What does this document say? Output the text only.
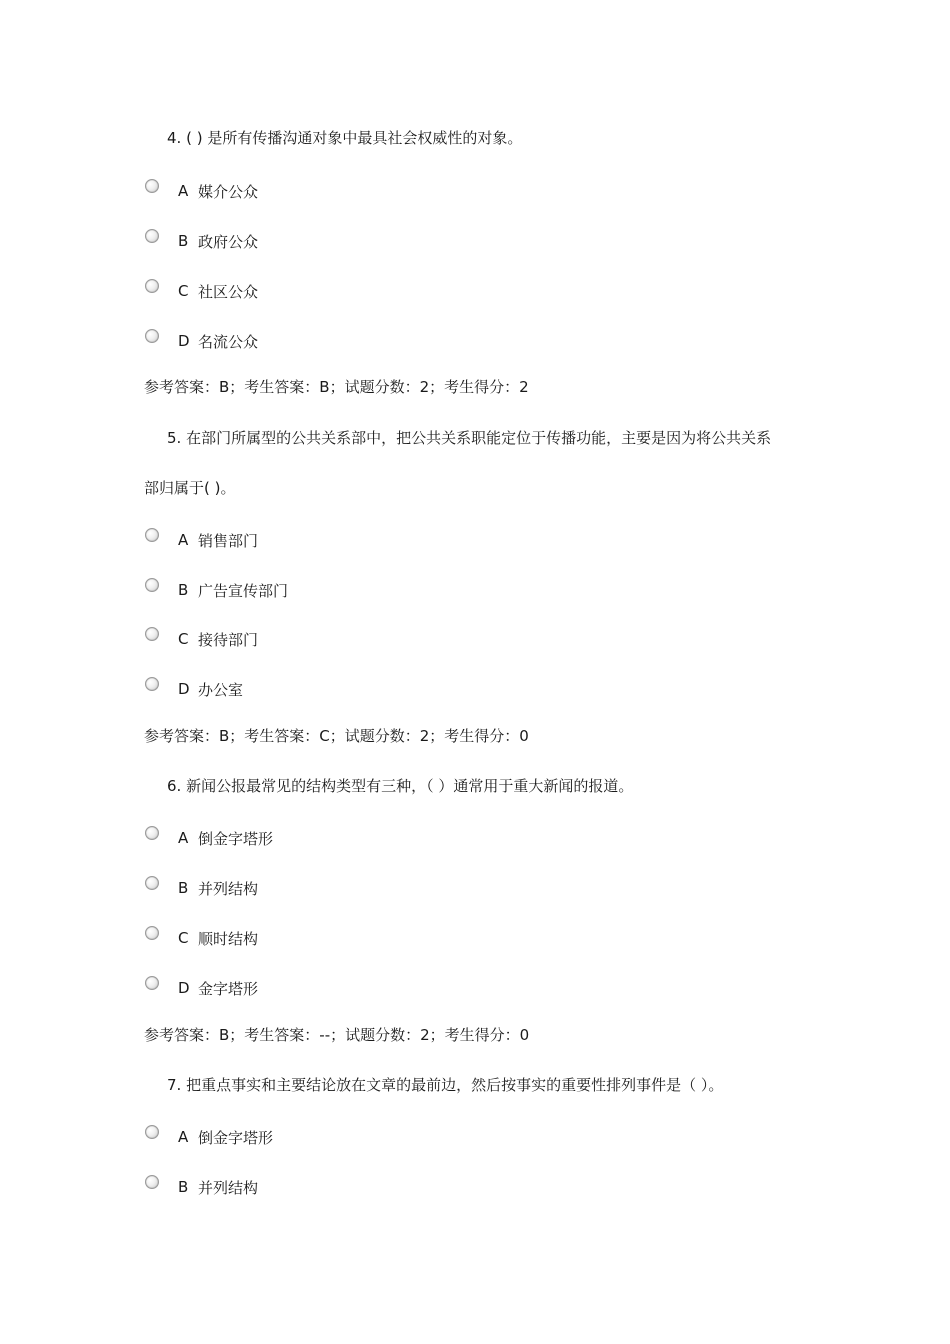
4. ( ) 是所有传播沟通对象中最具社会权威性的对象。
A 媒介公众
B 政府公众
C 社区公众
D 名流公众
参考答案：B；考生答案：B；试题分数：2；考生得分：2
5. 在部门所属型的公共关系部中，把公共关系职能定位于传播功能，主要是因为将公共关系
部归属于( )。
A 销售部门
B 广告宣传部门
C 接待部门
D 办公室
参考答案：B；考生答案：C；试题分数：2；考生得分：0
6. 新闻公报最常见的结构类型有三种，（ ）通常用于重大新闻的报道。
A 倒金字塔形
B 并列结构
C 顺时结构
D 金字塔形
参考答案：B；考生答案：--；试题分数：2；考生得分：0
7. 把重点事实和主要结论放在文章的最前边，然后按事实的重要性排列事件是（ ）。
A 倒金字塔形
B 并列结构
